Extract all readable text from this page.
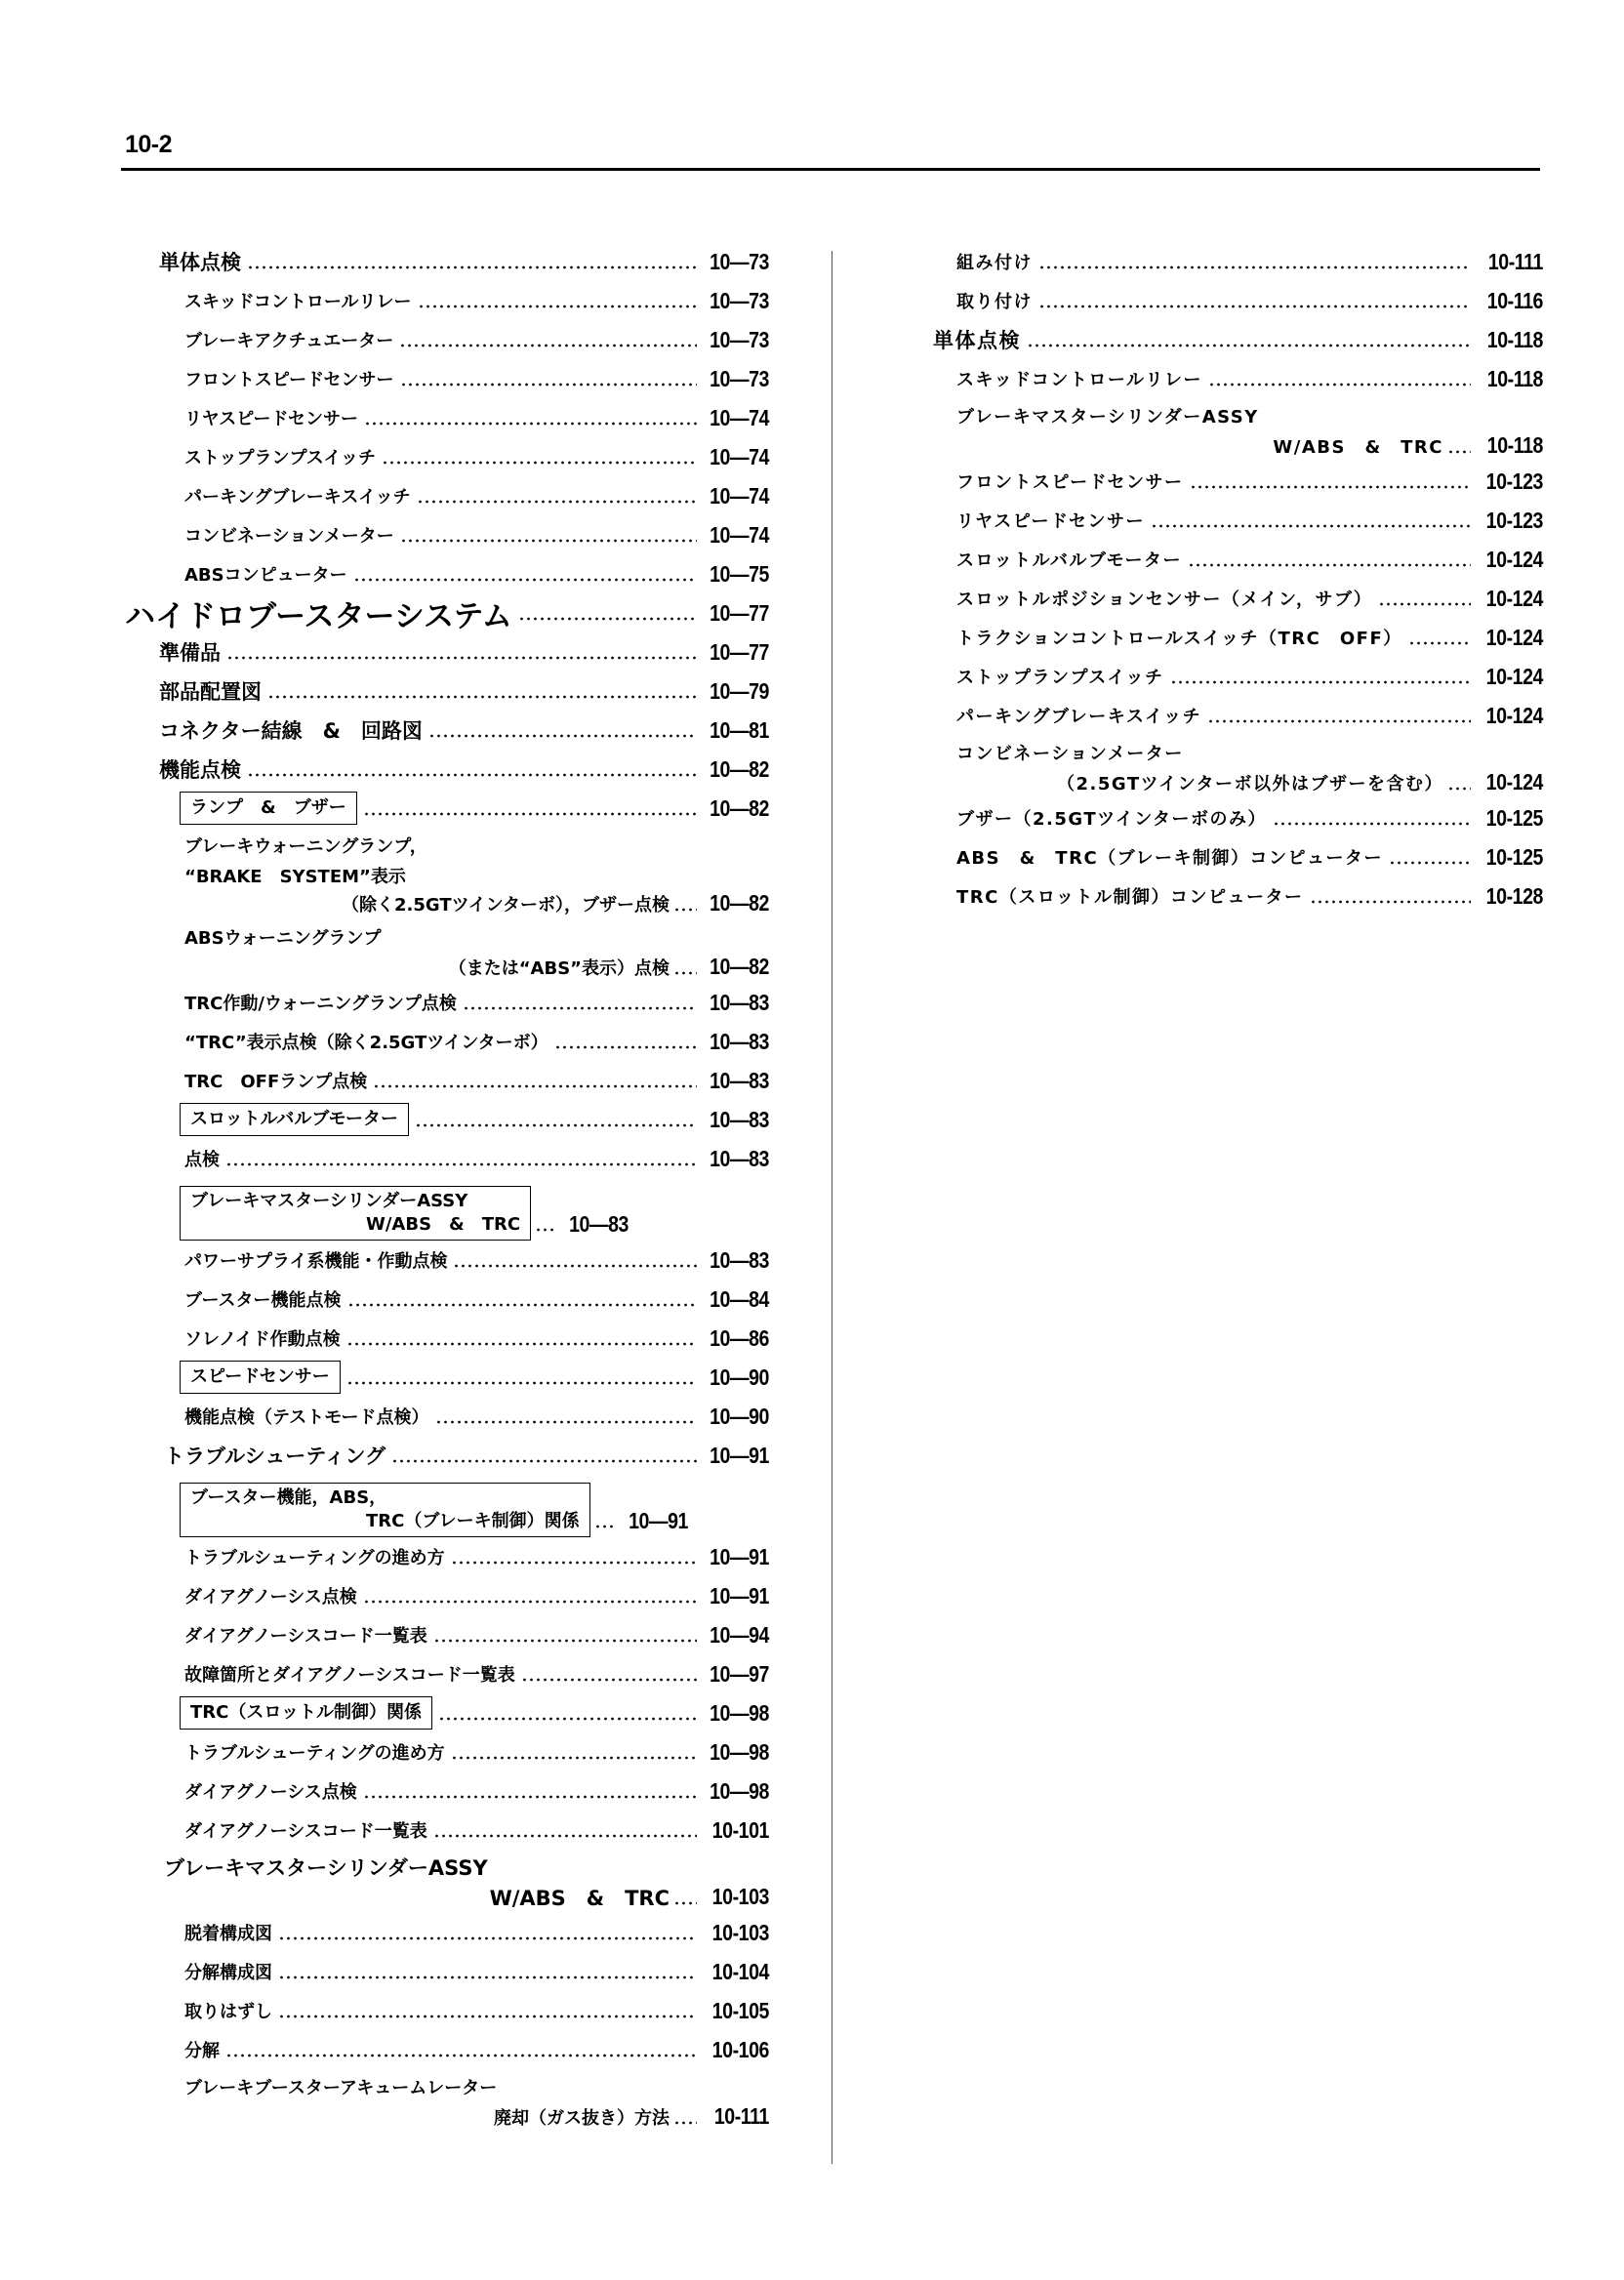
10-2
単体点検	10—73
スキッドコントロールリレー	10—73
ブレーキアクチュエーター	10—73
フロントスピードセンサー	10—73
リヤスピードセンサー	10—74
ストップランプスイッチ	10—74
パーキングブレーキスイッチ	10—74
コンビネーションメーター	10—74
ABSコンピューター	10—75
ハイドロブースターシステム	10—77
準備品	10—77
部品配置図	10—79
コネクター結線　&　回路図	10—81
機能点検	10—82
ランプ　&　ブザー	10—82
ブレーキウォーニングランプ，
“BRAKE　SYSTEM”表示
（除く2.5GTツインターボ），ブザー点検 10—82
ABSウォーニングランプ
（または“ABS”表示）点検 10—82
TRC作動/ウォーニングランプ点検	10—83
“TRC”表示点検（除く2.5GTツインターボ）	10—83
TRC　OFFランプ点検	10—83
スロットルバルブモーター	10—83
点検	10—83
ブレーキマスターシリンダーASSY
W/ABS　&　TRC 10—83
パワーサプライ系機能・作動点検	10—83
ブースター機能点検	10—84
ソレノイド作動点検	10—86
スピードセンサー	10—90
機能点検（テストモード点検）	10—90
トラブルシューティング	10—91
ブースター機能，ABS，
TRC（ブレーキ制御）関係 10—91
トラブルシューティングの進め方	10—91
ダイアグノーシス点検	10—91
ダイアグノーシスコード一覧表	10—94
故障箇所とダイアグノーシスコード一覧表	10—97
TRC（スロットル制御）関係	10—98
トラブルシューティングの進め方	10—98
ダイアグノーシス点検	10—98
ダイアグノーシスコード一覧表	10-101
ブレーキマスターシリンダーASSY
W/ABS　&　TRC 10-103
脱着構成図	10-103
分解構成図	10-104
取りはずし	10-105
分解	10-106
ブレーキブースターアキュームレーター
廃却（ガス抜き）方法 10-111
組み付け	10-111
取り付け	10-116
単体点検	10-118
スキッドコントロールリレー	10-118
ブレーキマスターシリンダーASSY
W/ABS　&　TRC 10-118
フロントスピードセンサー	10-123
リヤスピードセンサー	10-123
スロットルバルブモーター	10-124
スロットルポジションセンサー（メイン，サブ）	10-124
トラクションコントロールスイッチ（TRC　OFF）	10-124
ストップランプスイッチ	10-124
パーキングブレーキスイッチ	10-124
コンビネーションメーター
（2.5GTツインターボ以外はブザーを含む） 10-124
ブザー（2.5GTツインターボのみ）	10-125
ABS　&　TRC（ブレーキ制御）コンピューター	10-125
TRC（スロットル制御）コンピューター	10-128
